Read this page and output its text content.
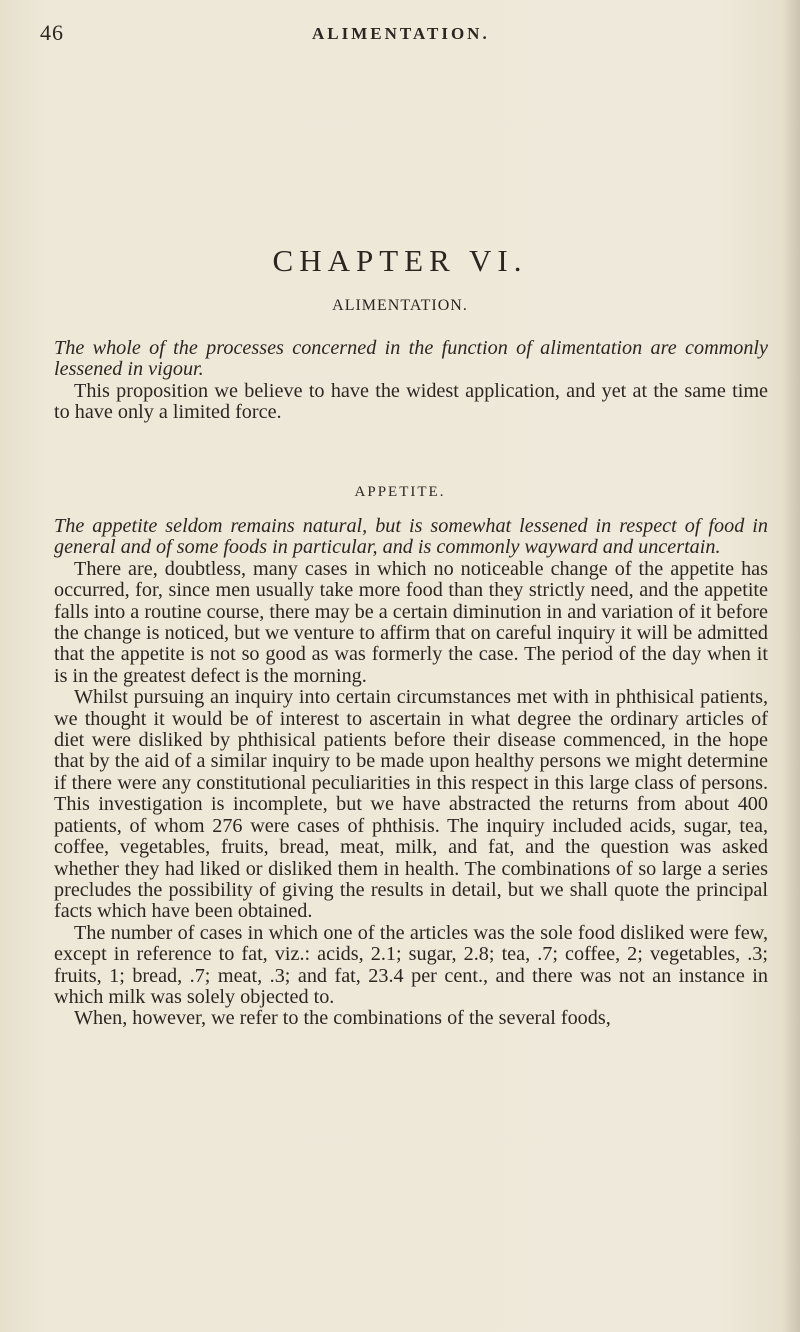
46	ALIMENTATION.
CHAPTER VI.
ALIMENTATION.

The whole of the processes concerned in the function of alimentation are commonly lessened in vigour.

This proposition we believe to have the widest application, and yet at the same time to have only a limited force.

APPETITE.

The appetite seldom remains natural, but is somewhat lessened in respect of food in general and of some foods in particular, and is commonly wayward and uncertain.

There are, doubtless, many cases in which no noticeable change of the appetite has occurred, for, since men usually take more food than they strictly need, and the appetite falls into a routine course, there may be a certain diminution in and variation of it before the change is noticed, but we venture to affirm that on careful inquiry it will be admitted that the appetite is not so good as was formerly the case. The period of the day when it is in the greatest defect is the morning.

Whilst pursuing an inquiry into certain circumstances met with in phthisical patients, we thought it would be of interest to ascertain in what degree the ordinary articles of diet were disliked by phthisical patients before their disease commenced, in the hope that by the aid of a similar inquiry to be made upon healthy persons we might determine if there were any constitutional peculiarities in this respect in this large class of persons. This investigation is incomplete, but we have abstracted the returns from about 400 patients, of whom 276 were cases of phthisis. The inquiry included acids, sugar, tea, coffee, vegetables, fruits, bread, meat, milk, and fat, and the question was asked whether they had liked or disliked them in health. The combinations of so large a series precludes the possibility of giving the results in detail, but we shall quote the principal facts which have been obtained.

The number of cases in which one of the articles was the sole food disliked were few, except in reference to fat, viz.: acids, 2.1; sugar, 2.8; tea, .7; coffee, 2; vegetables, .3; fruits, 1; bread, .7; meat, .3; and fat, 23.4 per cent., and there was not an instance in which milk was solely objected to.

When, however, we refer to the combinations of the several foods,
